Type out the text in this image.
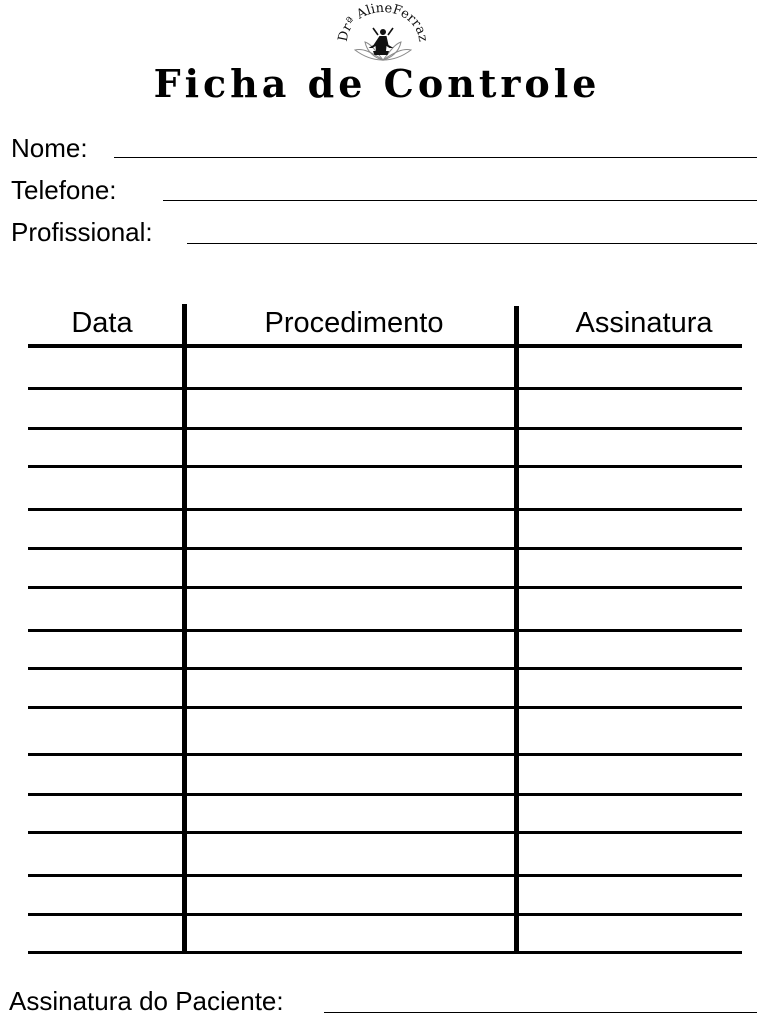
Drª AlineFerraz
Ficha de Controle
Nome:
Telefone:
Profissional:
Data	Procedimento	Assinatura
Assinatura do Paciente:
